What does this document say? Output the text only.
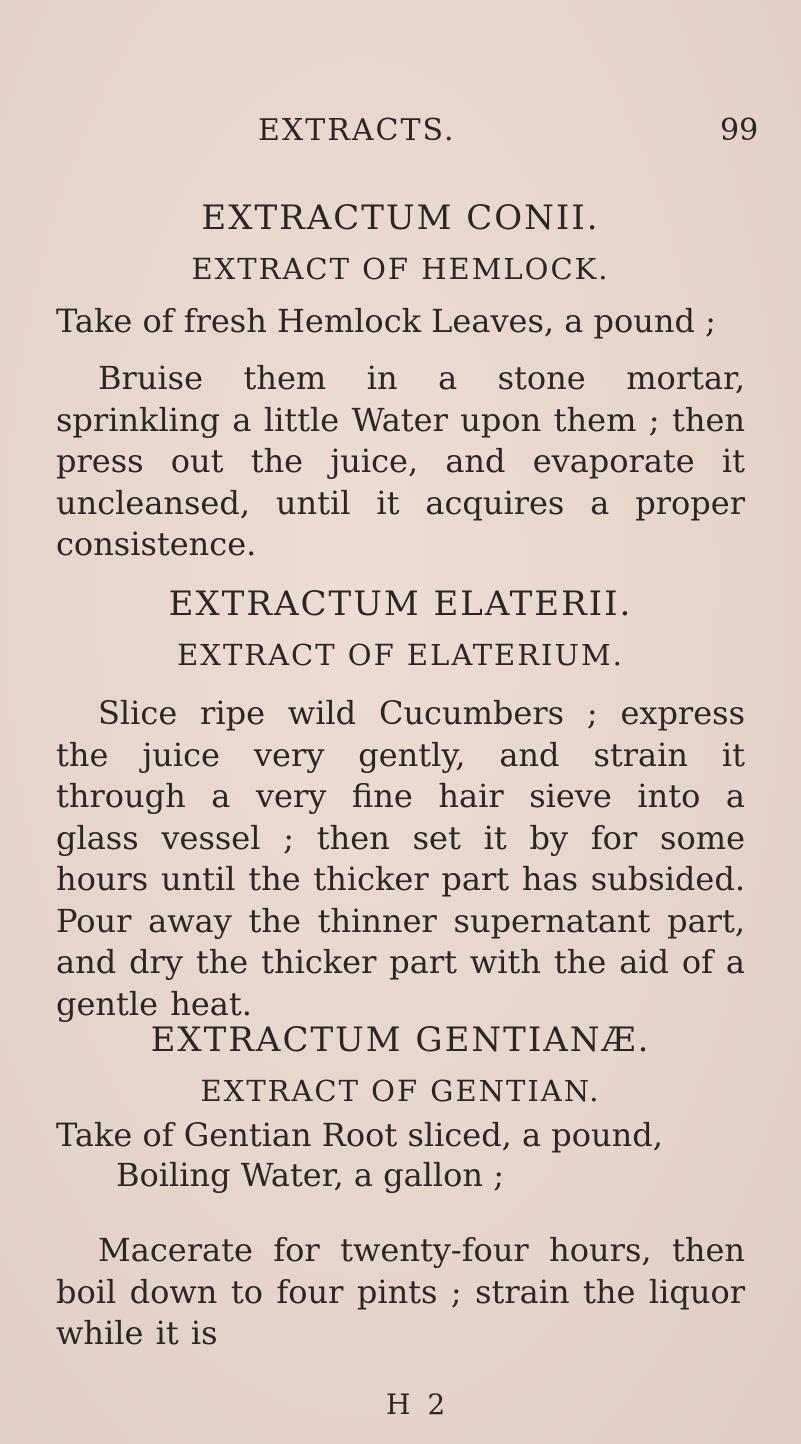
EXTRACTS.	99
EXTRACTUM CONII.
EXTRACT OF HEMLOCK.
Take of fresh Hemlock Leaves, a pound ;

Bruise them in a stone mortar, sprinkling a little Water upon them ; then press out the juice, and evaporate it uncleansed, until it acquires a proper consistence.

EXTRACTUM ELATERII.
EXTRACT OF ELATERIUM.

Slice ripe wild Cucumbers ; express the juice very gently, and strain it through a very fine hair sieve into a glass vessel ; then set it by for some hours until the thicker part has subsided. Pour away the thinner supernatant part, and dry the thicker part with the aid of a gentle heat.

EXTRACTUM GENTIANÆ.
EXTRACT OF GENTIAN.
Take of Gentian Root sliced, a pound,
Boiling Water, a gallon ;

Macerate for twenty-four hours, then boil down to four pints ; strain the liquor while it is

H 2
